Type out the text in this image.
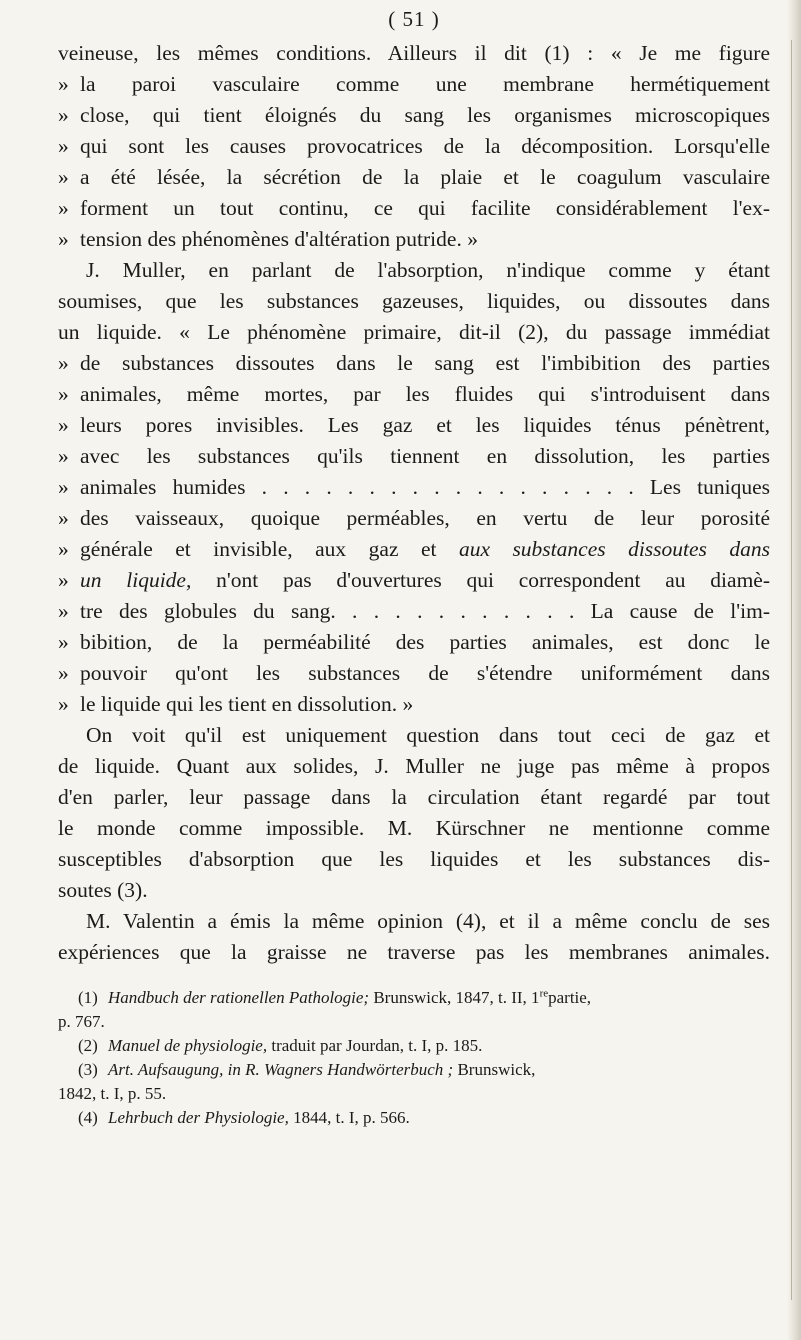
( 51 )
veineuse, les mêmes conditions. Ailleurs il dit (1) : « Je me figure
» la paroi vasculaire comme une membrane hermétiquement
» close, qui tient éloignés du sang les organismes microscopiques
» qui sont les causes provocatrices de la décomposition. Lorsqu'elle
» a été lésée, la sécrétion de la plaie et le coagulum vasculaire
» forment un tout continu, ce qui facilite considérablement l'ex-
» tension des phénomènes d'altération putride. »
J. Muller, en parlant de l'absorption, n'indique comme y étant
soumises, que les substances gazeuses, liquides, ou dissoutes dans
un liquide. « Le phénomène primaire, dit-il (2), du passage immédiat
» de substances dissoutes dans le sang est l'imbibition des parties
» animales, même mortes, par les fluides qui s'introduisent dans
» leurs pores invisibles. Les gaz et les liquides ténus pénètrent,
» avec les substances qu'ils tiennent en dissolution, les parties
» animales humides . . . . . . . . . . . . . . . . . . Les tuniques
» des vaisseaux, quoique perméables, en vertu de leur porosité
» générale et invisible, aux gaz et aux substances dissoutes dans
» un liquide, n'ont pas d'ouvertures qui correspondent au diamè-
» tre des globules du sang. . . . . . . . . . . . La cause de l'im-
» bibition, de la perméabilité des parties animales, est donc le
» pouvoir qu'ont les substances de s'étendre uniformément dans
» le liquide qui les tient en dissolution. »
On voit qu'il est uniquement question dans tout ceci de gaz et
de liquide. Quant aux solides, J. Muller ne juge pas même à propos
d'en parler, leur passage dans la circulation étant regardé par tout
le monde comme impossible. M. Kürschner ne mentionne comme
susceptibles d'absorption que les liquides et les substances dis-
soutes (3).
M. Valentin a émis la même opinion (4), et il a même conclu de ses
expériences que la graisse ne traverse pas les membranes animales.
(1) Handbuch der rationellen Pathologie; Brunswick, 1847, t. II, 1repartie,
p. 767.
(2) Manuel de physiologie, traduit par Jourdan, t. I, p. 185.
(3) Art. Aufsaugung, in R. Wagners Handwörterbuch ; Brunswick,
1842, t. I, p. 55.
(4) Lehrbuch der Physiologie, 1844, t. I, p. 566.
